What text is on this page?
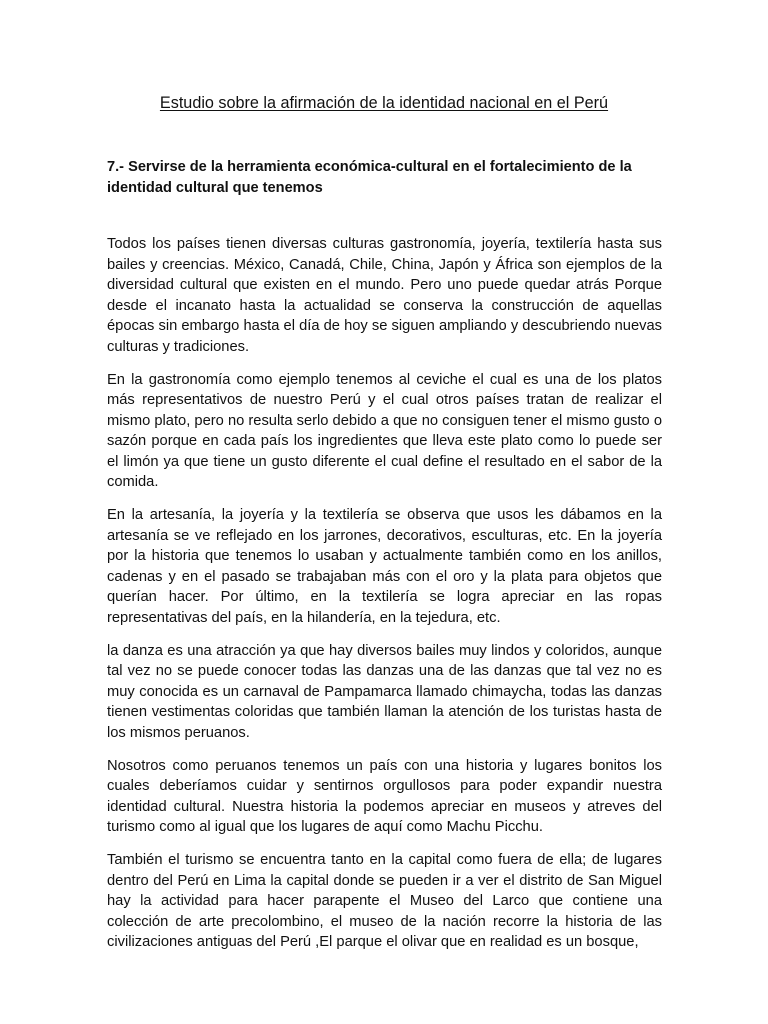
Estudio sobre la afirmación de la identidad nacional en el Perú
7.- Servirse de la herramienta económica-cultural en el fortalecimiento de la identidad cultural que tenemos

Todos los países tienen diversas culturas gastronomía, joyería, textilería hasta sus bailes y creencias. México, Canadá, Chile, China, Japón y África son ejemplos de la diversidad cultural que existen en el mundo. Pero uno puede quedar atrás Porque desde el incanato hasta la actualidad se conserva la construcción de aquellas épocas sin embargo hasta el día de hoy se siguen ampliando y descubriendo nuevas culturas y tradiciones.

En la gastronomía como ejemplo tenemos al ceviche el cual es una de los platos más representativos de nuestro Perú y el cual otros países tratan de realizar el mismo plato, pero no resulta serlo debido a que no consiguen tener el mismo gusto o sazón porque en cada país los ingredientes que lleva este plato como lo puede ser el limón ya que tiene un gusto diferente el cual define el resultado en el sabor de la comida.

En la artesanía, la joyería y la textilería se observa que usos les dábamos en la artesanía se ve reflejado en los jarrones, decorativos, esculturas, etc. En la joyería por la historia que tenemos lo usaban y actualmente también como en los anillos, cadenas y en el pasado se trabajaban más con el oro y la plata para objetos que querían hacer. Por último, en la textilería se logra apreciar en las ropas representativas del país, en la hilandería, en la tejedura, etc.

la danza es una atracción ya que hay diversos bailes muy lindos y coloridos, aunque tal vez no se puede conocer todas las danzas una de las danzas que tal vez no es muy conocida es un carnaval de Pampamarca llamado chimaycha, todas las danzas tienen vestimentas coloridas que también llaman la atención de los turistas hasta de los mismos peruanos.

Nosotros como peruanos tenemos un país con una historia y lugares bonitos los cuales deberíamos cuidar y sentirnos orgullosos para poder expandir nuestra identidad cultural. Nuestra historia la podemos apreciar en museos y atreves del turismo como al igual que los lugares de aquí como Machu Picchu.

También el turismo se encuentra tanto en la capital como fuera de ella; de lugares dentro del Perú en Lima la capital donde se pueden ir a ver el distrito de San Miguel hay la actividad para hacer parapente el Museo del Larco que contiene una colección de arte precolombino, el museo de la nación recorre la historia de las civilizaciones antiguas del Perú ,El parque el olivar que en realidad es un bosque,
